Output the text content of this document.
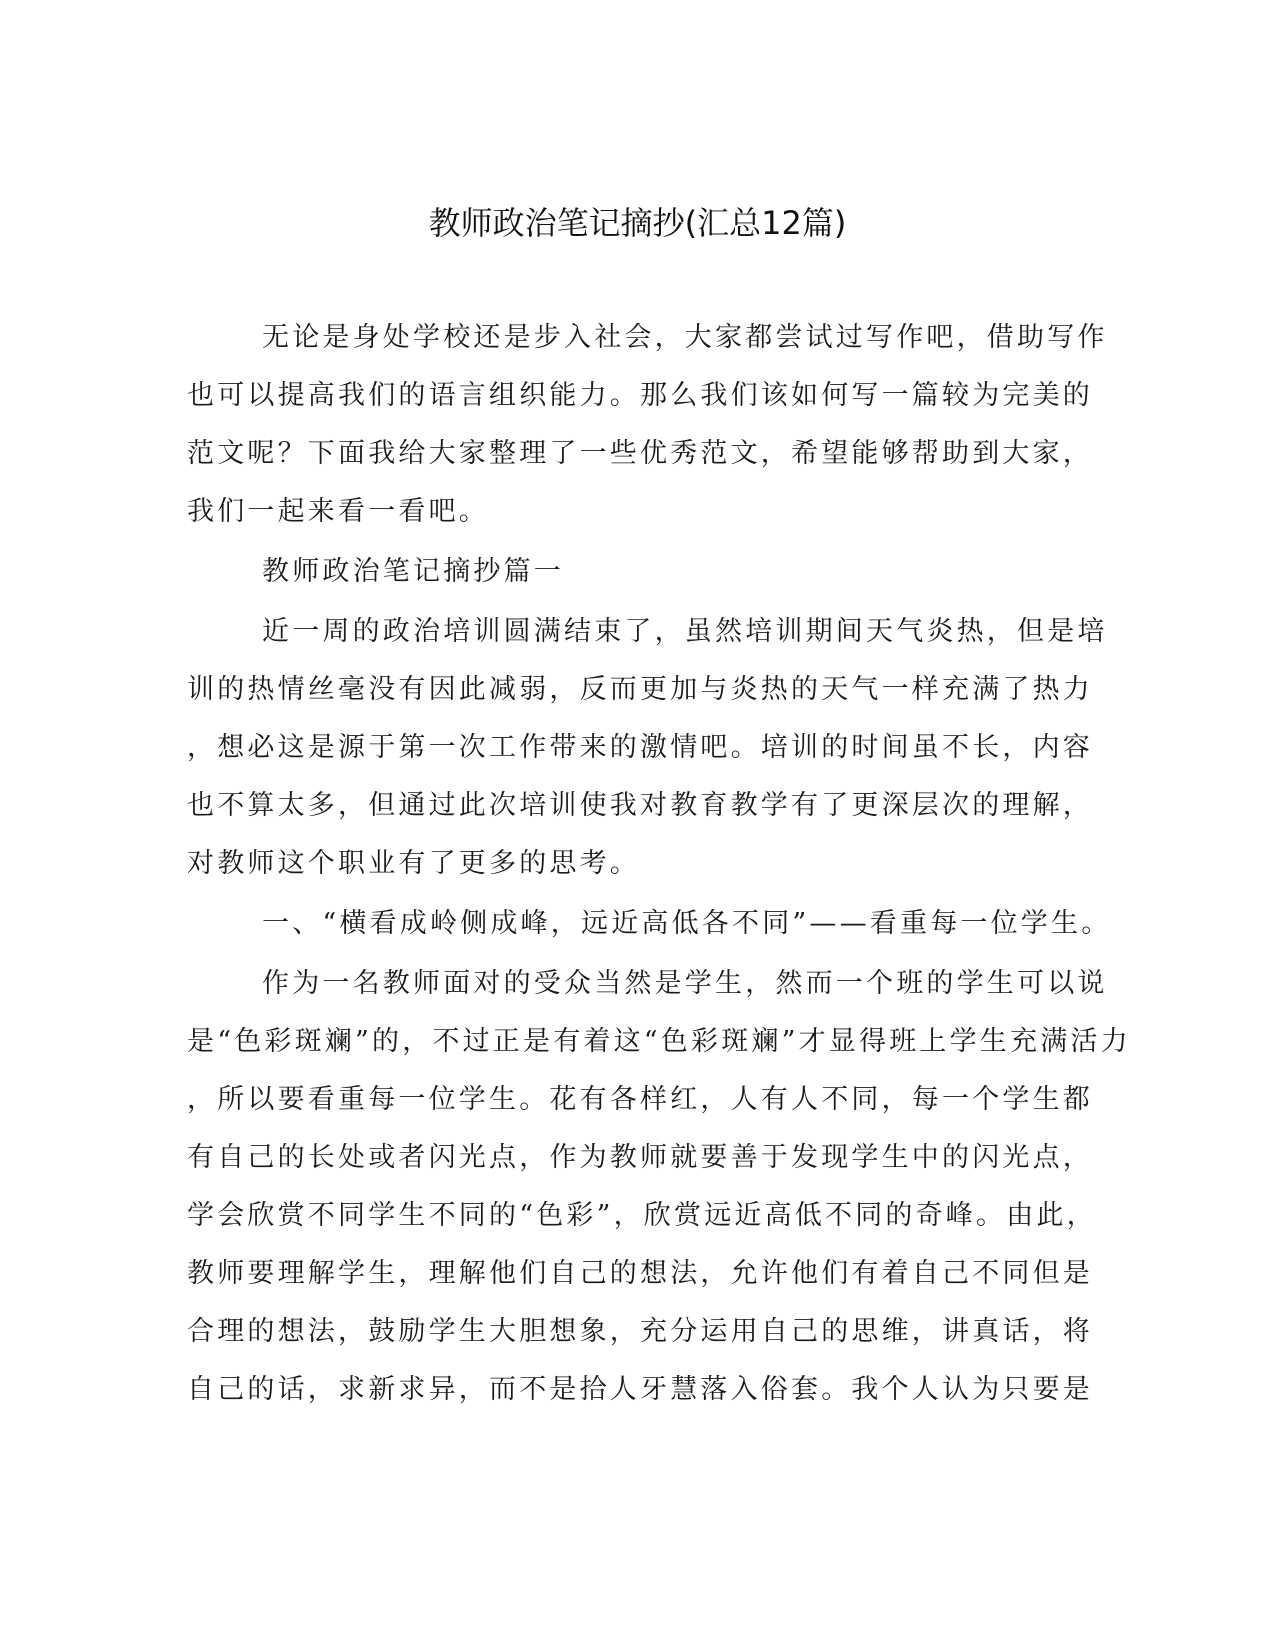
教师政治笔记摘抄(汇总12篇)
无论是身处学校还是步入社会，大家都尝试过写作吧，借助写作
也可以提高我们的语言组织能力。那么我们该如何写一篇较为完美的
范文呢？下面我给大家整理了一些优秀范文，希望能够帮助到大家，
我们一起来看一看吧。
教师政治笔记摘抄篇一
近一周的政治培训圆满结束了，虽然培训期间天气炎热，但是培
训的热情丝毫没有因此减弱，反而更加与炎热的天气一样充满了热力
，想必这是源于第一次工作带来的激情吧。培训的时间虽不长，内容
也不算太多，但通过此次培训使我对教育教学有了更深层次的理解，
对教师这个职业有了更多的思考。
一、“横看成岭侧成峰，远近高低各不同”——看重每一位学生。
作为一名教师面对的受众当然是学生，然而一个班的学生可以说
是“色彩斑斓”的，不过正是有着这“色彩斑斓”才显得班上学生充满活力
，所以要看重每一位学生。花有各样红，人有人不同，每一个学生都
有自己的长处或者闪光点，作为教师就要善于发现学生中的闪光点，
学会欣赏不同学生不同的“色彩”，欣赏远近高低不同的奇峰。由此，
教师要理解学生，理解他们自己的想法，允许他们有着自己不同但是
合理的想法，鼓励学生大胆想象，充分运用自己的思维，讲真话，将
自己的话，求新求异，而不是拾人牙慧落入俗套。我个人认为只要是
